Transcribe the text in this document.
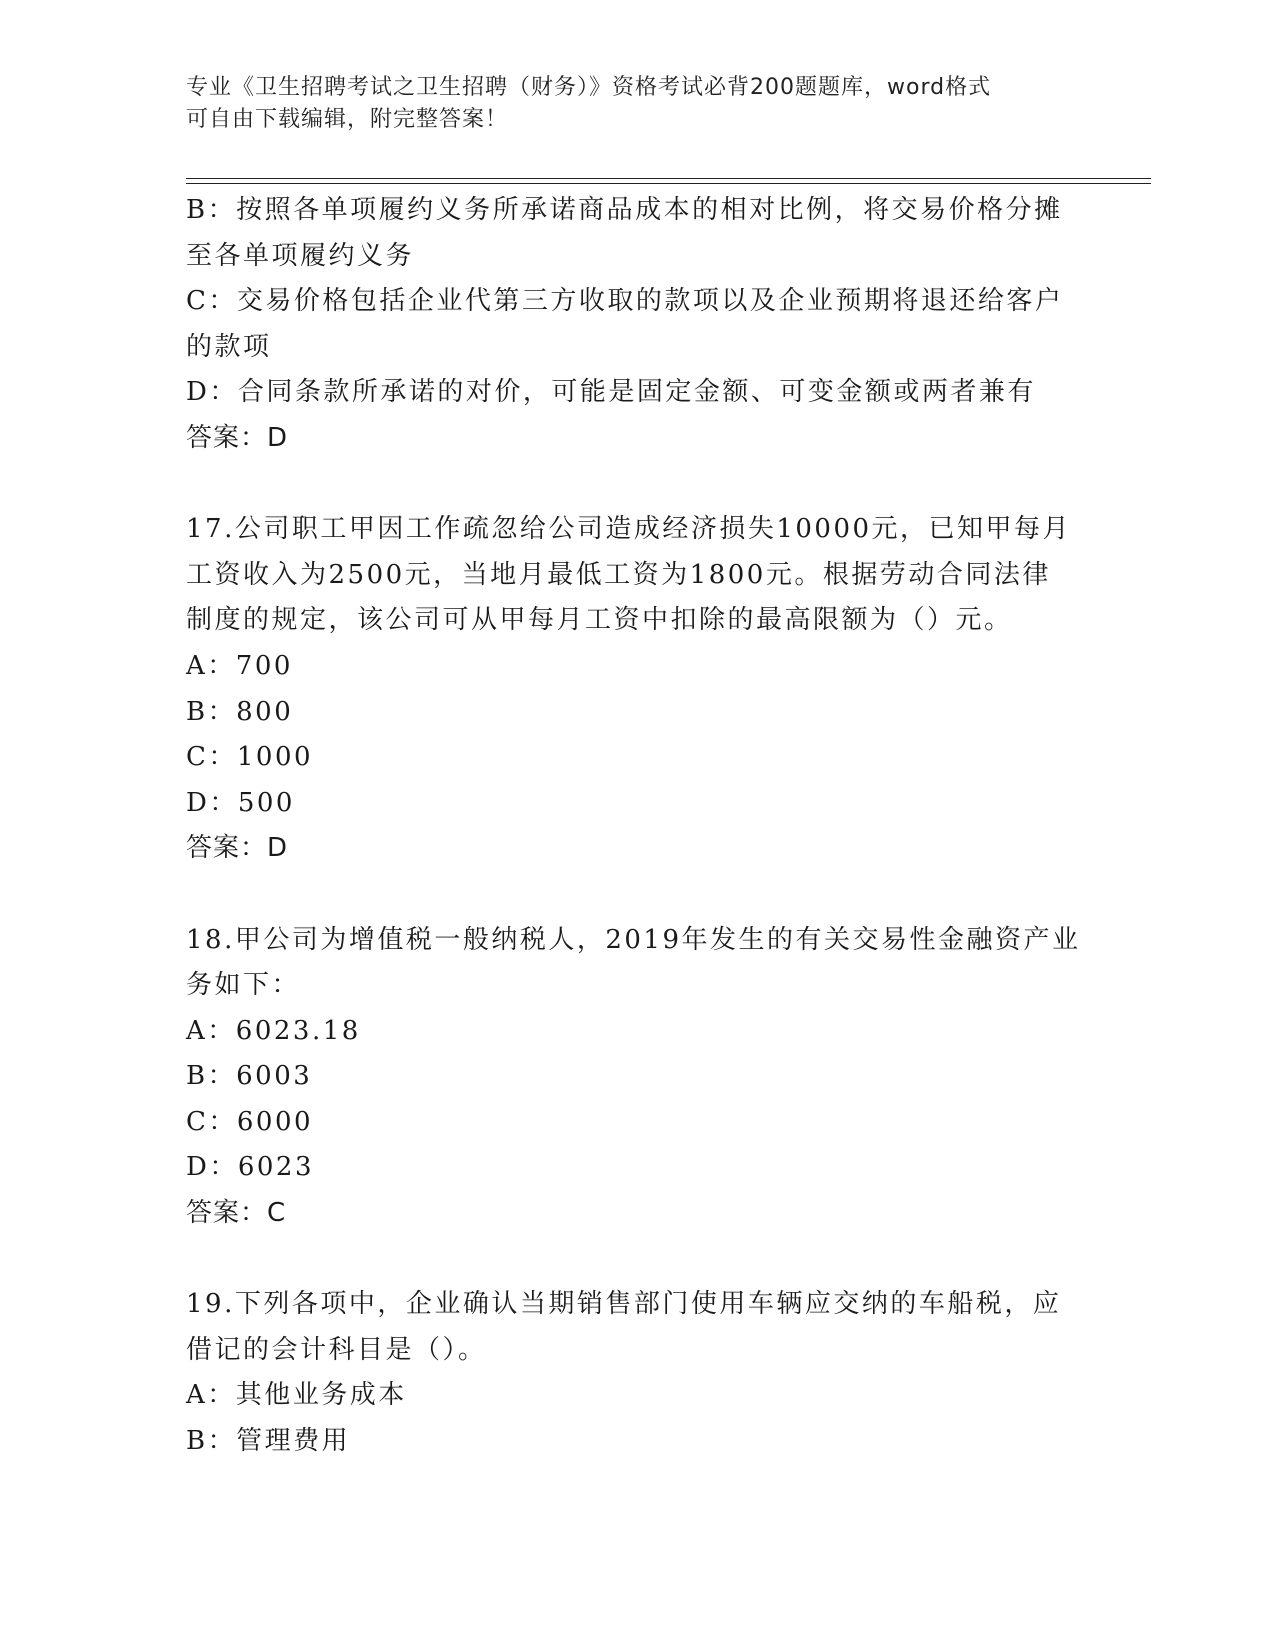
专业《卫生招聘考试之卫生招聘（财务）》资格考试必背200题题库，word格式
可自由下载编辑，附完整答案！
B：按照各单项履约义务所承诺商品成本的相对比例，将交易价格分摊
至各单项履约义务
C：交易价格包括企业代第三方收取的款项以及企业预期将退还给客户
的款项
D：合同条款所承诺的对价，可能是固定金额、可变金额或两者兼有
答案：D
17.公司职工甲因工作疏忽给公司造成经济损失10000元，已知甲每月
工资收入为2500元，当地月最低工资为1800元。根据劳动合同法律
制度的规定，该公司可从甲每月工资中扣除的最高限额为（）元。
A：700
B：800
C：1000
D：500
答案：D
18.甲公司为增值税一般纳税人，2019年发生的有关交易性金融资产业
务如下：
A：6023.18
B：6003
C：6000
D：6023
答案：C
19.下列各项中，企业确认当期销售部门使用车辆应交纳的车船税，应
借记的会计科目是（）。
A：其他业务成本
B：管理费用
